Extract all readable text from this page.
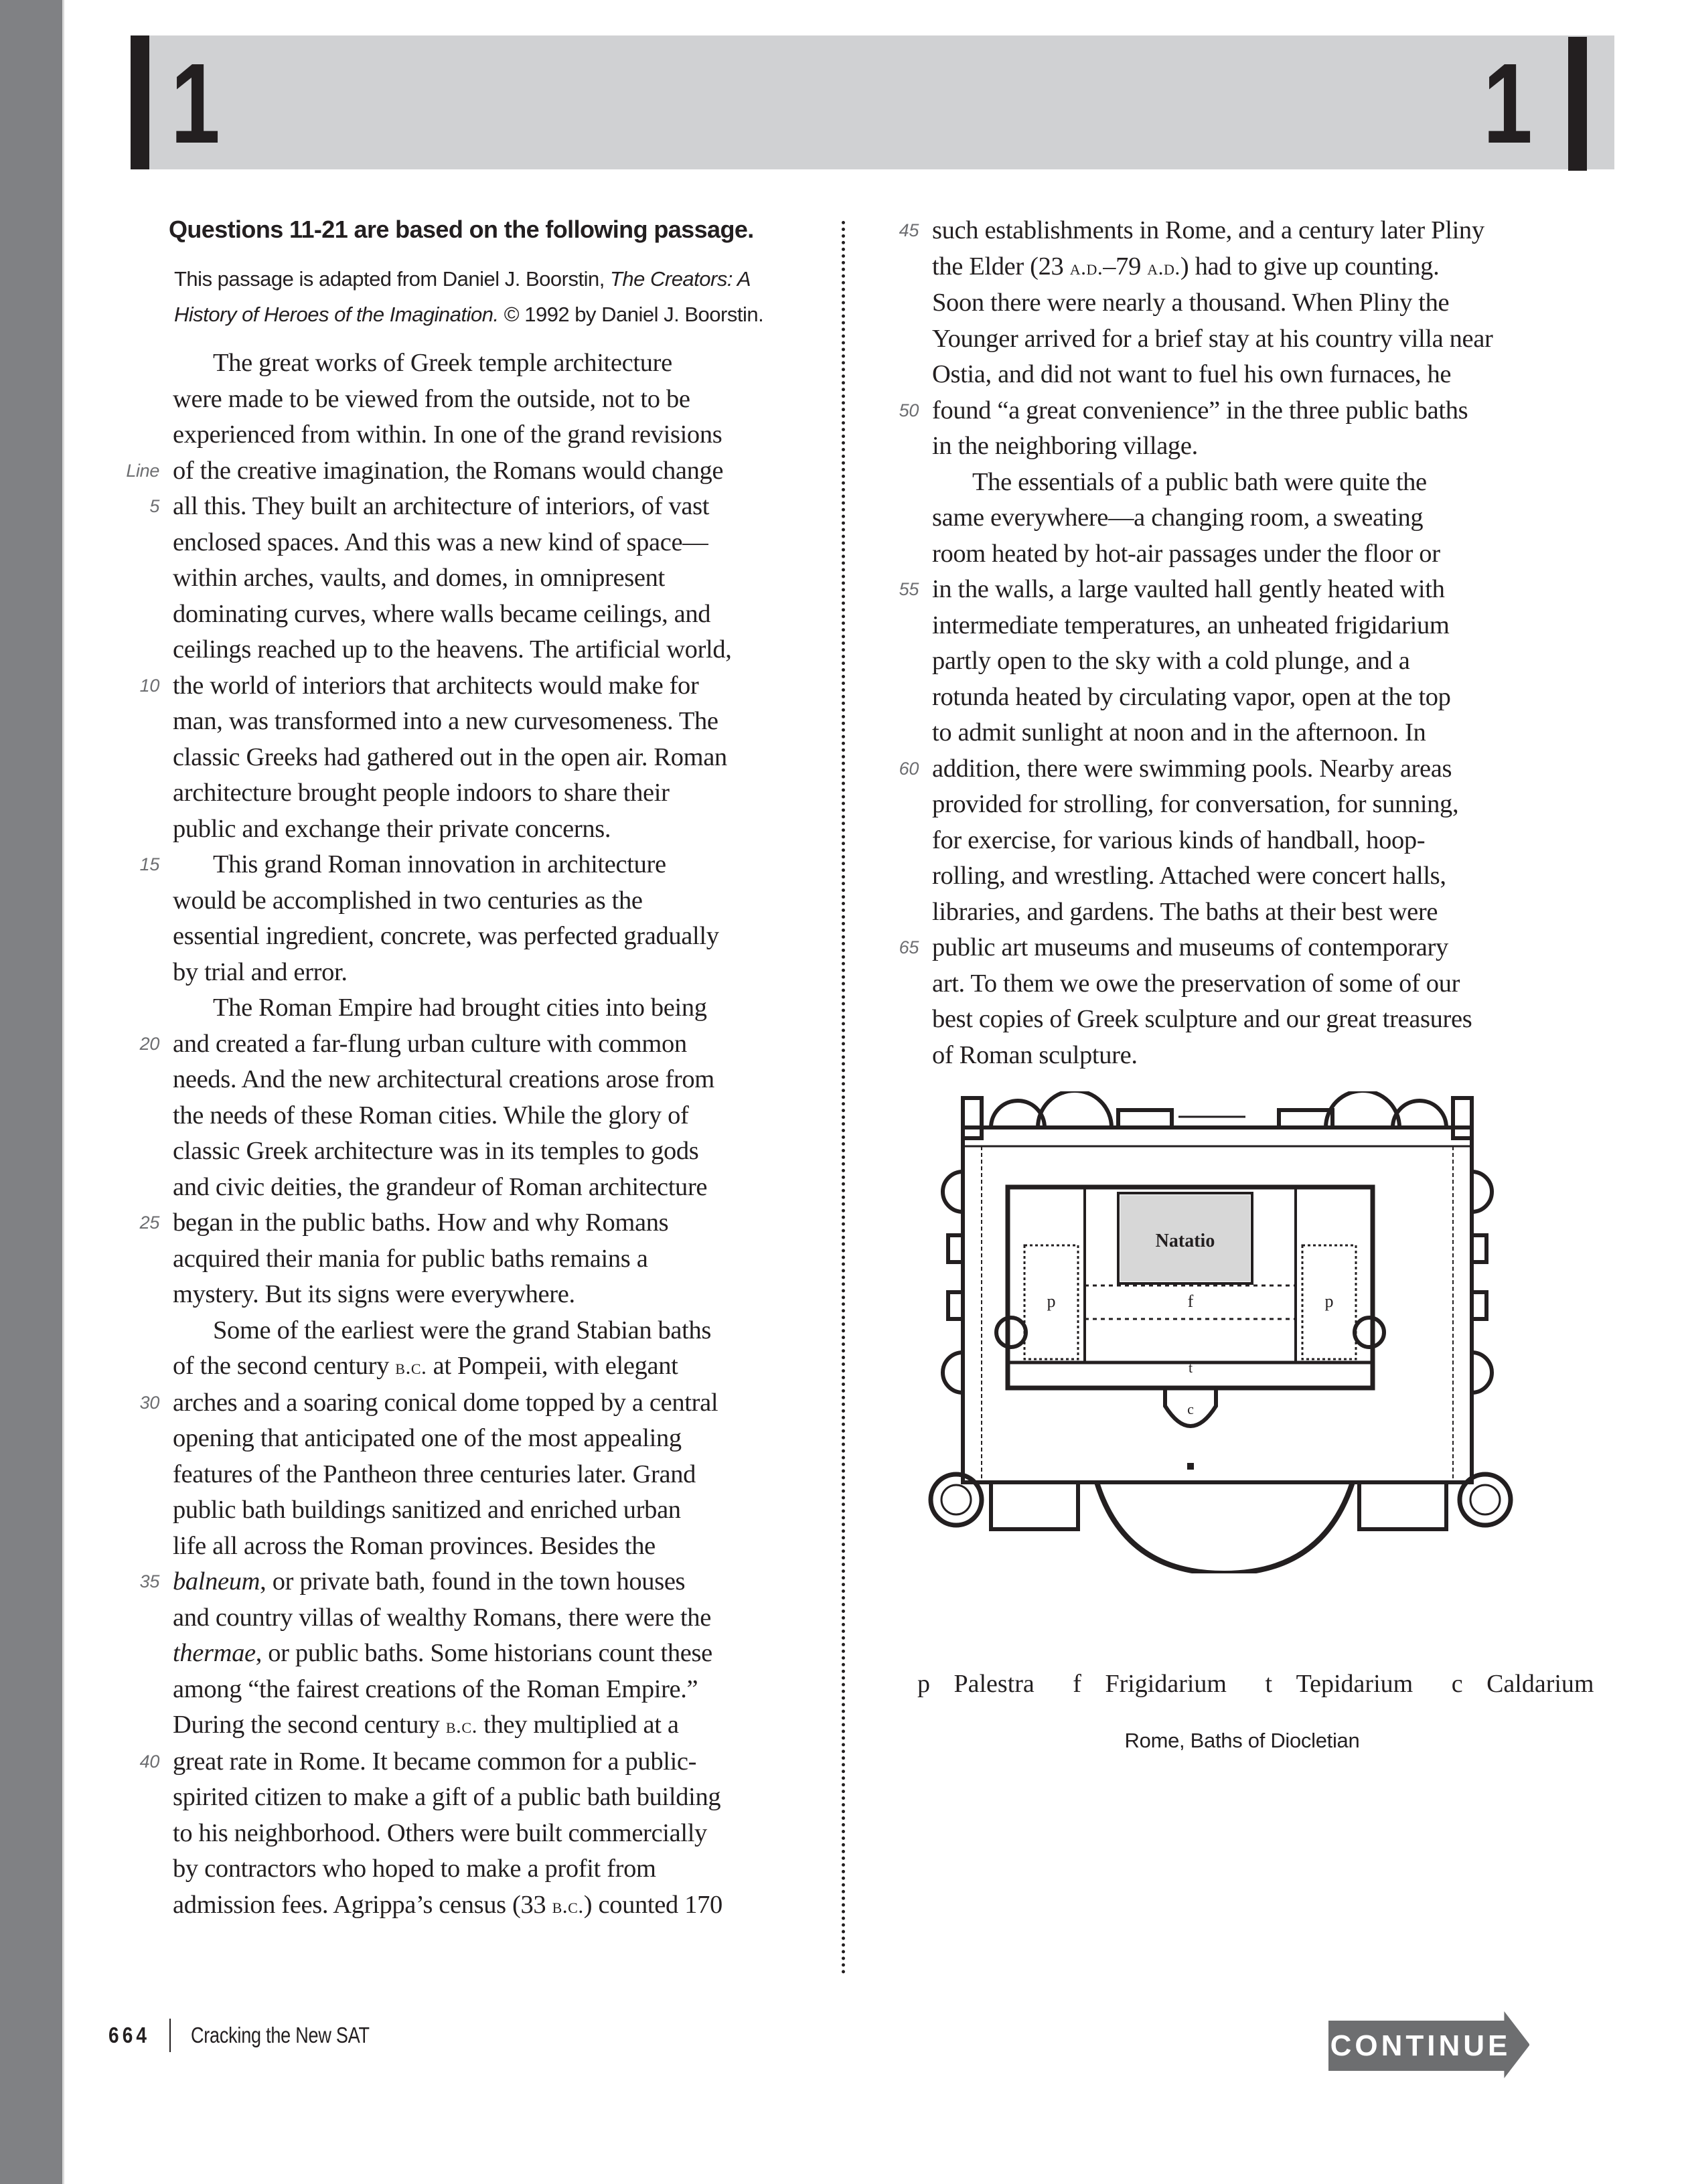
1	1
Questions 11-21 are based on the following passage.
This passage is adapted from Daniel J. Boorstin, The Creators: A History of Heroes of the Imagination. © 1992 by Daniel J. Boorstin.
The great works of Greek temple architecture
were made to be viewed from the outside, not to be
experienced from within. In one of the grand revisions
Line of the creative imagination, the Romans would change
5 all this. They built an architecture of interiors, of vast
enclosed spaces. And this was a new kind of space—
within arches, vaults, and domes, in omnipresent
dominating curves, where walls became ceilings, and
ceilings reached up to the heavens. The artificial world,
10 the world of interiors that architects would make for
man, was transformed into a new curvesomeness. The
classic Greeks had gathered out in the open air. Roman
architecture brought people indoors to share their
public and exchange their private concerns.
15 This grand Roman innovation in architecture
would be accomplished in two centuries as the
essential ingredient, concrete, was perfected gradually
by trial and error.
The Roman Empire had brought cities into being
20 and created a far-flung urban culture with common
needs. And the new architectural creations arose from
the needs of these Roman cities. While the glory of
classic Greek architecture was in its temples to gods
and civic deities, the grandeur of Roman architecture
25 began in the public baths. How and why Romans
acquired their mania for public baths remains a
mystery. But its signs were everywhere.
Some of the earliest were the grand Stabian baths
of the second century b.c. at Pompeii, with elegant
30 arches and a soaring conical dome topped by a central
opening that anticipated one of the most appealing
features of the Pantheon three centuries later. Grand
public bath buildings sanitized and enriched urban
life all across the Roman provinces. Besides the
35 balneum, or private bath, found in the town houses
and country villas of wealthy Romans, there were the
thermae, or public baths. Some historians count these
among “the fairest creations of the Roman Empire.”
During the second century b.c. they multiplied at a
40 great rate in Rome. It became common for a public-
spirited citizen to make a gift of a public bath building
to his neighborhood. Others were built commercially
by contractors who hoped to make a profit from
admission fees. Agrippa’s census (33 b.c.) counted 170
45 such establishments in Rome, and a century later Pliny
the Elder (23 a.d.–79 a.d.) had to give up counting.
Soon there were nearly a thousand. When Pliny the
Younger arrived for a brief stay at his country villa near
Ostia, and did not want to fuel his own furnaces, he
50 found “a great convenience” in the three public baths
in the neighboring village.
The essentials of a public bath were quite the
same everywhere—a changing room, a sweating
room heated by hot-air passages under the floor or
55 in the walls, a large vaulted hall gently heated with
intermediate temperatures, an unheated frigidarium
partly open to the sky with a cold plunge, and a
rotunda heated by circulating vapor, open at the top
to admit sunlight at noon and in the afternoon. In
60 addition, there were swimming pools. Nearby areas
provided for strolling, for conversation, for sunning,
for exercise, for various kinds of handball, hoop-
rolling, and wrestling. Attached were concert halls,
libraries, and gardens. The baths at their best were
65 public art museums and museums of contemporary
art. To them we owe the preservation of some of our
best copies of Greek sculpture and our great treasures
of Roman sculpture.
Natatio
p	p
f
t
c
p Palestra f Frigidarium t Tepidarium c Caldarium
Rome, Baths of Diocletian
664 Cracking the New SAT	CONTINUE
